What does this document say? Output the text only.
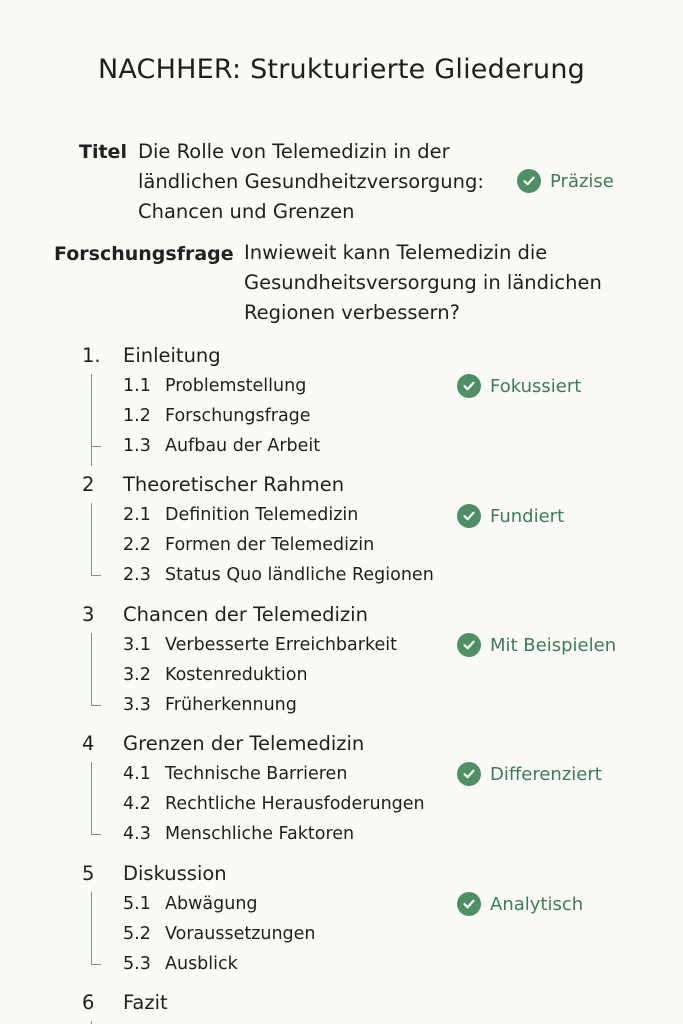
NACHHER: Strukturierte Gliederung
Titel Die Rolle von Telemedizin in der
ländlichen Gesundheitzversorgung:
Chancen und Grenzen
Präzise
Forschungsfrage Inwieweit kann Telemedizin die
Gesundheitsversorgung in ländichen
Regionen verbessern?
1. Einleitung
1.1 Problemstellung
1.2 Forschungsfrage
1.3 Aufbau der Arbeit
Fokussiert
2 Theoretischer Rahmen
2.1 Definition Telemedizin
2.2 Formen der Telemedizin
2.3 Status Quo ländliche Regionen
Fundiert
3 Chancen der Telemedizin
3.1 Verbesserte Erreichbarkeit
3.2 Kostenreduktion
3.3 Früherkennung
Mit Beispielen
4 Grenzen der Telemedizin
4.1 Technische Barrieren
4.2 Rechtliche Herausfoderungen
4.3 Menschliche Faktoren
Differenziert
5 Diskussion
5.1 Abwägung
5.2 Voraussetzungen
5.3 Ausblick
Analytisch
6 Fazit
